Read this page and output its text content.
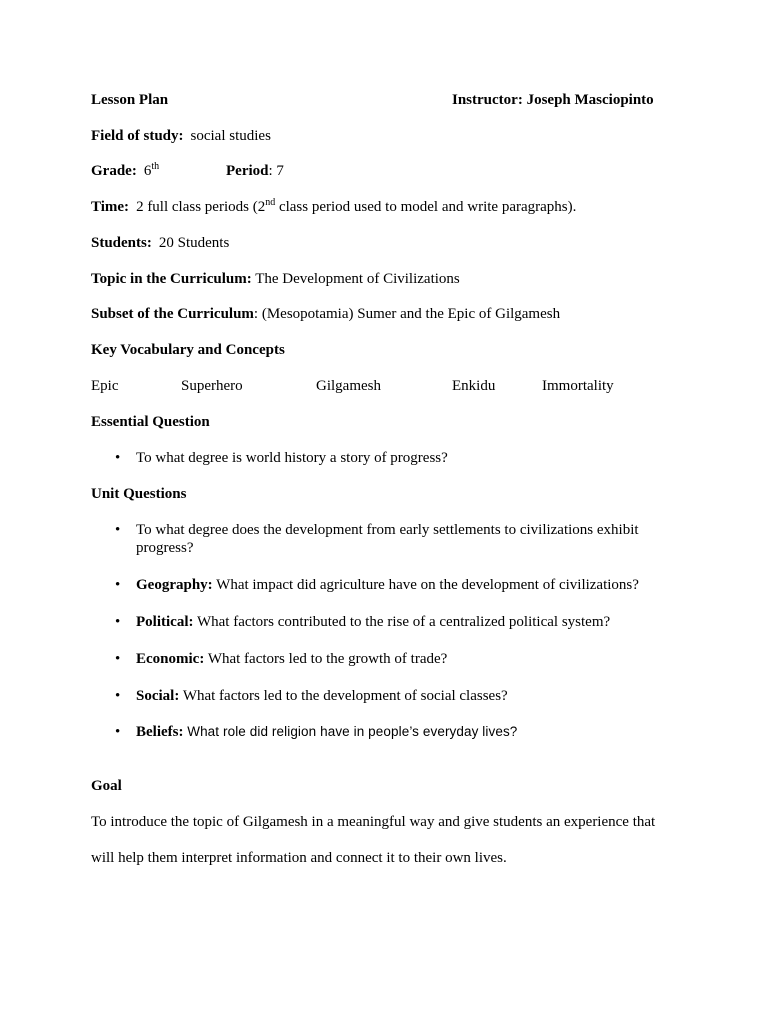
Lesson Plan	Instructor: Joseph Masciopinto
Field of study: social studies
Grade: 6th	Period: 7
Time: 2 full class periods (2nd class period used to model and write paragraphs).
Students: 20 Students
Topic in the Curriculum: The Development of Civilizations
Subset of the Curriculum: (Mesopotamia) Sumer and the Epic of Gilgamesh
Key Vocabulary and Concepts
Epic	Superhero	Gilgamesh	Enkidu	Immortality
Essential Question
• To what degree is world history a story of progress?
Unit Questions
• To what degree does the development from early settlements to civilizations exhibit
progress?
• Geography: What impact did agriculture have on the development of civilizations?
• Political: What factors contributed to the rise of a centralized political system?
• Economic: What factors led to the growth of trade?
• Social: What factors led to the development of social classes?
• Beliefs: What role did religion have in people’s everyday lives?
Goal
To introduce the topic of Gilgamesh in a meaningful way and give students an experience that
will help them interpret information and connect it to their own lives.
